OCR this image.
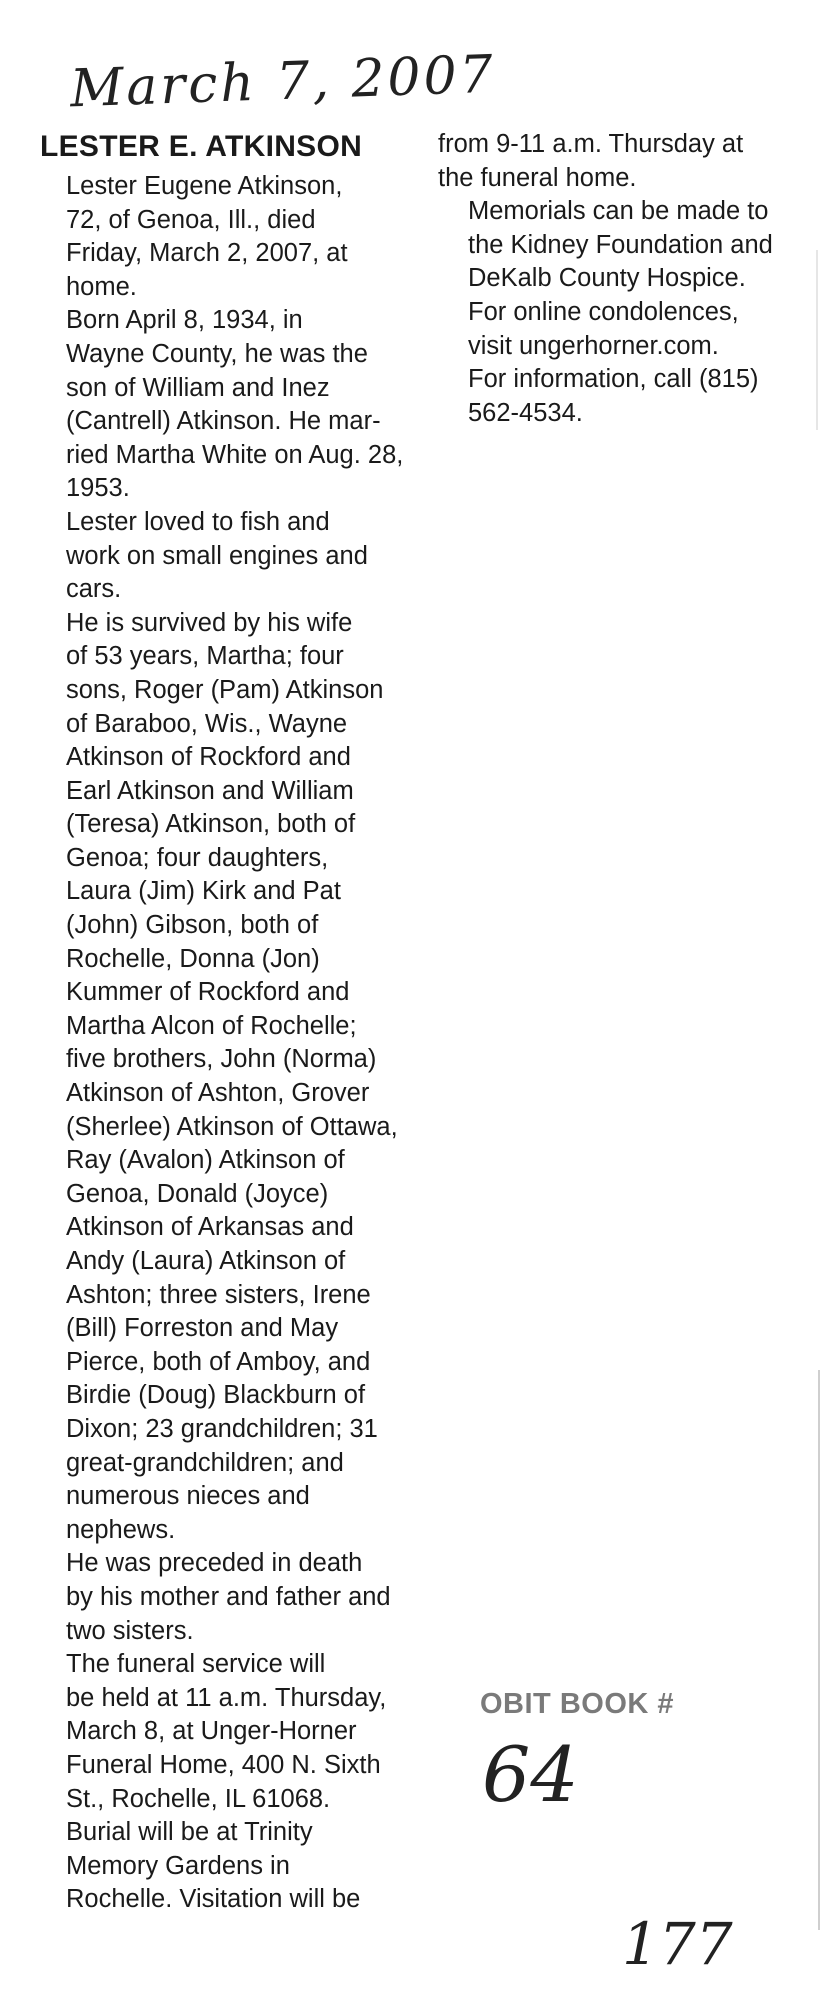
March 7, 2007
LESTER E. ATKINSON

Lester Eugene Atkinson,
72, of Genoa, Ill., died
Friday, March 2, 2007, at
home.

Born April 8, 1934, in
Wayne County, he was the
son of William and Inez
(Cantrell) Atkinson. He mar-
ried Martha White on Aug. 28,
1953.

Lester loved to fish and
work on small engines and
cars.

He is survived by his wife
of 53 years, Martha; four
sons, Roger (Pam) Atkinson
of Baraboo, Wis., Wayne
Atkinson of Rockford and
Earl Atkinson and William
(Teresa) Atkinson, both of
Genoa; four daughters,
Laura (Jim) Kirk and Pat
(John) Gibson, both of
Rochelle, Donna (Jon)
Kummer of Rockford and
Martha Alcon of Rochelle;
five brothers, John (Norma)
Atkinson of Ashton, Grover
(Sherlee) Atkinson of Ottawa,
Ray (Avalon) Atkinson of
Genoa, Donald (Joyce)
Atkinson of Arkansas and
Andy (Laura) Atkinson of
Ashton; three sisters, Irene
(Bill) Forreston and May
Pierce, both of Amboy, and
Birdie (Doug) Blackburn of
Dixon; 23 grandchildren; 31
great-grandchildren; and
numerous nieces and
nephews.

He was preceded in death
by his mother and father and
two sisters.

The funeral service will
be held at 11 a.m. Thursday,
March 8, at Unger-Horner
Funeral Home, 400 N. Sixth
St., Rochelle, IL 61068.
Burial will be at Trinity
Memory Gardens in
Rochelle. Visitation will be

from 9-11 a.m. Thursday at
the funeral home.

Memorials can be made to
the Kidney Foundation and
DeKalb County Hospice.

For online condolences,
visit ungerhorner.com.

For information, call (815)
562-4534.

OBIT BOOK #
64
177
